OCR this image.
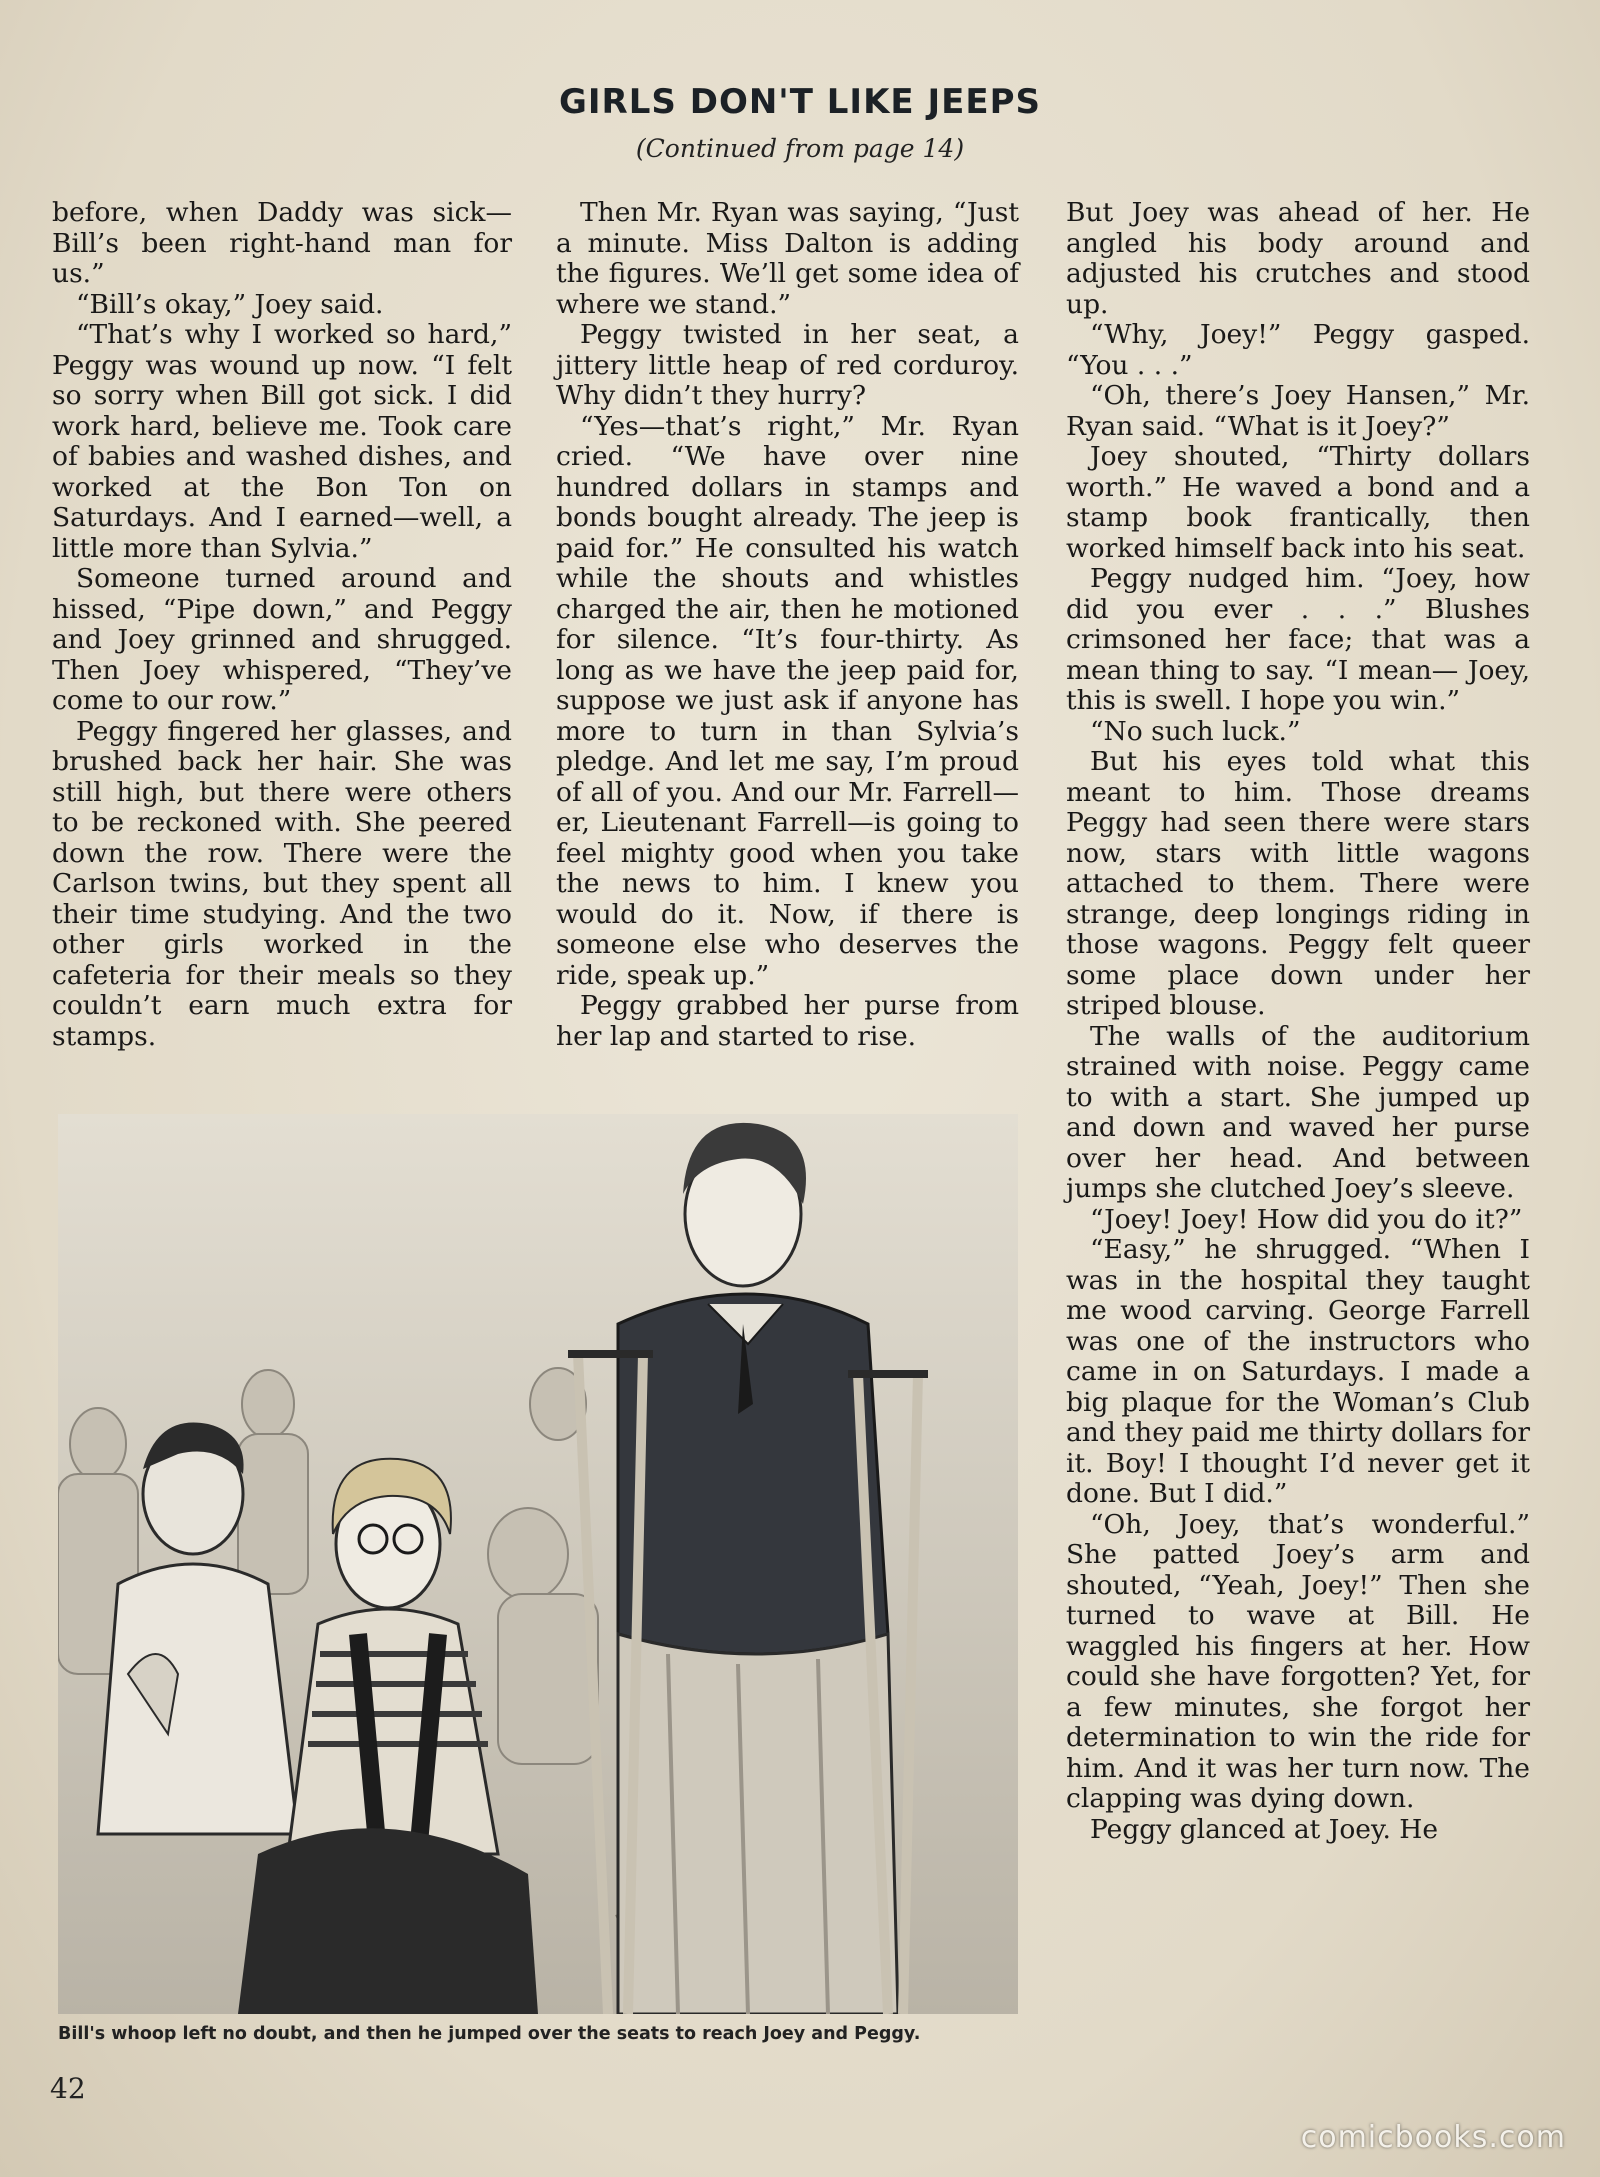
GIRLS DON'T LIKE JEEPS
(Continued from page 14)

before, when Daddy was sick— Bill’s been right-hand man for us.”

“Bill’s okay,” Joey said.

“That’s why I worked so hard,” Peggy was wound up now. “I felt so sorry when Bill got sick. I did work hard, believe me. Took care of babies and washed dishes, and worked at the Bon Ton on Saturdays. And I earned—well, a little more than Sylvia.”

Someone turned around and hissed, “Pipe down,” and Peggy and Joey grinned and shrugged. Then Joey whispered, “They’ve come to our row.”

Peggy fingered her glasses, and brushed back her hair. She was still high, but there were others to be reckoned with. She peered down the row. There were the Carlson twins, but they spent all their time studying. And the two other girls worked in the cafeteria for their meals so they couldn’t earn much extra for stamps.

Then Mr. Ryan was saying, “Just a minute. Miss Dalton is adding the figures. We’ll get some idea of where we stand.”

Peggy twisted in her seat, a jittery little heap of red corduroy. Why didn’t they hurry?

“Yes—that’s right,” Mr. Ryan cried. “We have over nine hundred dollars in stamps and bonds bought already. The jeep is paid for.” He consulted his watch while the shouts and whistles charged the air, then he motioned for silence. “It’s four-thirty. As long as we have the jeep paid for, suppose we just ask if anyone has more to turn in than Sylvia’s pledge. And let me say, I’m proud of all of you. And our Mr. Farrell— er, Lieutenant Farrell—is going to feel mighty good when you take the news to him. I knew you would do it. Now, if there is someone else who deserves the ride, speak up.”

Peggy grabbed her purse from her lap and started to rise.

But Joey was ahead of her. He angled his body around and adjusted his crutches and stood up.

“Why, Joey!” Peggy gasped. “You . . .”

“Oh, there’s Joey Hansen,” Mr. Ryan said. “What is it Joey?”

Joey shouted, “Thirty dollars worth.” He waved a bond and a stamp book frantically, then worked himself back into his seat.

Peggy nudged him. “Joey, how did you ever . . .” Blushes crimsoned her face; that was a mean thing to say. “I mean— Joey, this is swell. I hope you win.”

“No such luck.”

But his eyes told what this meant to him. Those dreams Peggy had seen there were stars now, stars with little wagons attached to them. There were strange, deep longings riding in those wagons. Peggy felt queer some place down under her striped blouse.

The walls of the auditorium strained with noise. Peggy came to with a start. She jumped up and down and waved her purse over her head. And between jumps she clutched Joey’s sleeve.

“Joey! Joey! How did you do it?”

“Easy,” he shrugged. “When I was in the hospital they taught me wood carving. George Farrell was one of the instructors who came in on Saturdays. I made a big plaque for the Woman’s Club and they paid me thirty dollars for it. Boy! I thought I’d never get it done. But I did.”

“Oh, Joey, that’s wonderful.” She patted Joey’s arm and shouted, “Yeah, Joey!” Then she turned to wave at Bill. He waggled his fingers at her. How could she have forgotten? Yet, for a few minutes, she forgot her determination to win the ride for him. And it was her turn now. The clapping was dying down.

Peggy glanced at Joey. He

Bill's whoop left no doubt, and then he jumped over the seats to reach Joey and Peggy.
42
comicbooks.com
